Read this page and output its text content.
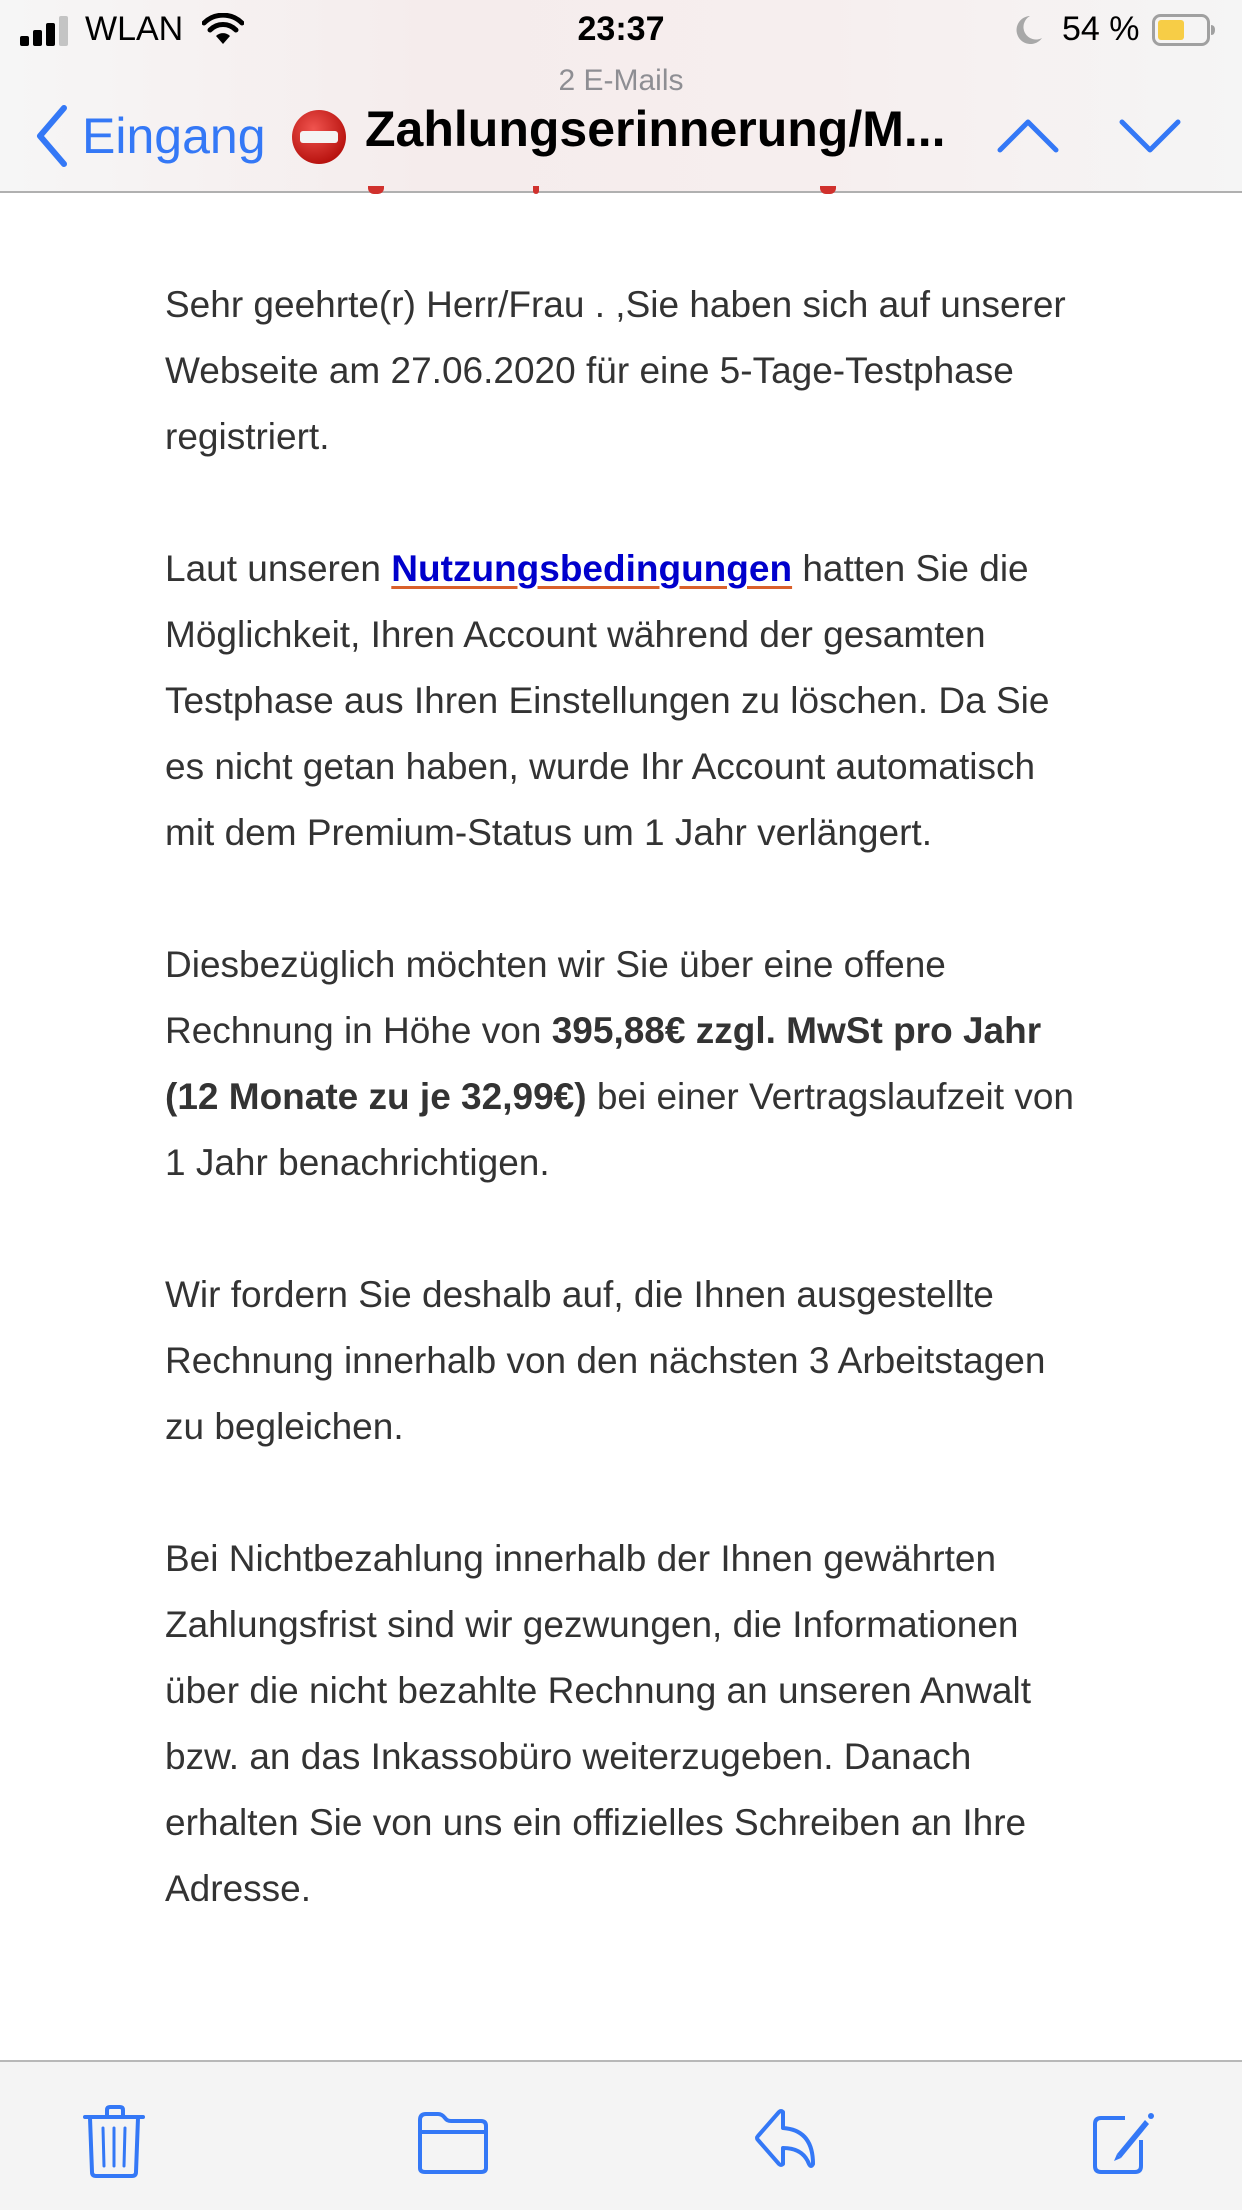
WLAN	23:37	54 %
2 E-Mails
Eingang Zahlungserinnerung/M...

Sehr geehrte(r) Herr/Frau . ,Sie haben sich auf unserer Webseite am 27.06.2020 für eine 5-Tage-Testphase registriert.

Laut unseren Nutzungsbedingungen hatten Sie die Möglichkeit, Ihren Account während der gesamten Testphase aus Ihren Einstellungen zu löschen. Da Sie es nicht getan haben, wurde Ihr Account automatisch mit dem Premium-Status um 1 Jahr verlängert.

Diesbezüglich möchten wir Sie über eine offene Rechnung in Höhe von 395,88€ zzgl. MwSt pro Jahr (12 Monate zu je 32,99€) bei einer Vertragslaufzeit von 1 Jahr benachrichtigen.

Wir fordern Sie deshalb auf, die Ihnen ausgestellte Rechnung innerhalb von den nächsten 3 Arbeitstagen zu begleichen.

Bei Nichtbezahlung innerhalb der Ihnen gewährten Zahlungsfrist sind wir gezwungen, die Informationen über die nicht bezahlte Rechnung an unseren Anwalt bzw. an das Inkassobüro weiterzugeben. Danach erhalten Sie von uns ein offizielles Schreiben an Ihre Adresse.
